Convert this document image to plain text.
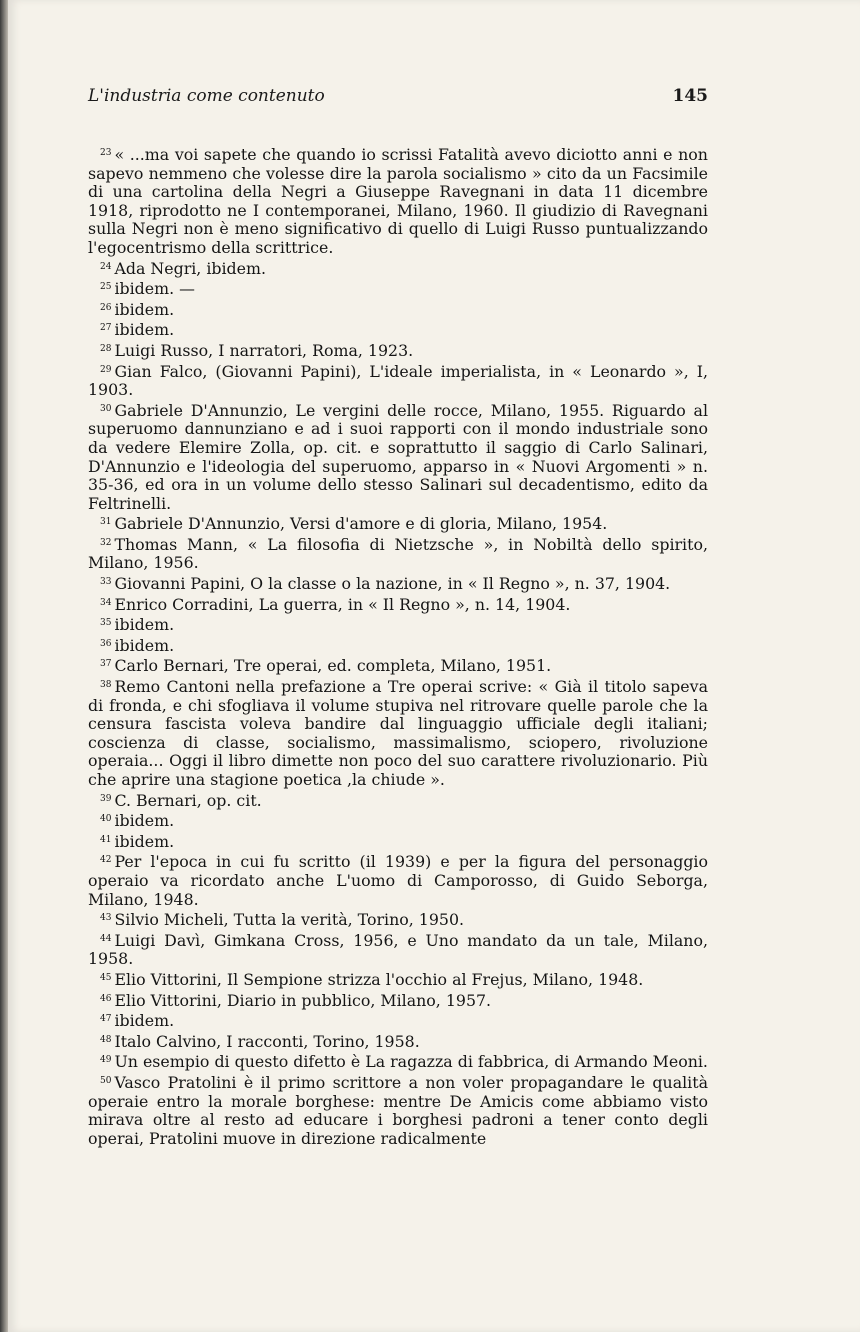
L'industria come contenuto	145

$^{23}$ « ...ma voi sapete che quando io scrissi Fatalità avevo diciotto anni e non sapevo nemmeno che volesse dire la parola socialismo » cito da un Facsimile di una cartolina della Negri a Giuseppe Ravegnani in data 11 dicembre 1918, riprodotto ne I contemporanei, Milano, 1960. Il giudizio di Ravegnani sulla Negri non è meno significativo di quello di Luigi Russo puntualizzando l'egocentrismo della scrittrice.

$^{24}$ Ada Negri, ibidem.

$^{25}$ ibidem. —

$^{26}$ ibidem.

$^{27}$ ibidem.

$^{28}$ Luigi Russo, I narratori, Roma, 1923.

$^{29}$ Gian Falco, (Giovanni Papini), L'ideale imperialista, in « Leonardo », I, 1903.

$^{30}$ Gabriele D'Annunzio, Le vergini delle rocce, Milano, 1955. Riguardo al superuomo dannunziano e ad i suoi rapporti con il mondo industriale sono da vedere Elemire Zolla, op. cit. e soprattutto il saggio di Carlo Salinari, D'Annunzio e l'ideologia del superuomo, apparso in « Nuovi Argomenti » n. 35-36, ed ora in un volume dello stesso Salinari sul decadentismo, edito da Feltrinelli.

$^{31}$ Gabriele D'Annunzio, Versi d'amore e di gloria, Milano, 1954.

$^{32}$ Thomas Mann, « La filosofia di Nietzsche », in Nobiltà dello spirito, Milano, 1956.

$^{33}$ Giovanni Papini, O la classe o la nazione, in « Il Regno », n. 37, 1904.

$^{34}$ Enrico Corradini, La guerra, in « Il Regno », n. 14, 1904.

$^{35}$ ibidem.

$^{36}$ ibidem.

$^{37}$ Carlo Bernari, Tre operai, ed. completa, Milano, 1951.

$^{38}$ Remo Cantoni nella prefazione a Tre operai scrive: « Già il titolo sapeva di fronda, e chi sfogliava il volume stupiva nel ritrovare quelle parole che la censura fascista voleva bandire dal linguaggio ufficiale degli italiani; coscienza di classe, socialismo, massimalismo, sciopero, rivoluzione operaia... Oggi il libro dimette non poco del suo carattere rivoluzionario. Più che aprire una stagione poetica ,la chiude ».

$^{39}$ C. Bernari, op. cit.

$^{40}$ ibidem.

$^{41}$ ibidem.

$^{42}$ Per l'epoca in cui fu scritto (il 1939) e per la figura del personaggio operaio va ricordato anche L'uomo di Camporosso, di Guido Seborga, Milano, 1948.

$^{43}$ Silvio Micheli, Tutta la verità, Torino, 1950.

$^{44}$ Luigi Davì, Gimkana Cross, 1956, e Uno mandato da un tale, Milano, 1958.

$^{45}$ Elio Vittorini, Il Sempione strizza l'occhio al Frejus, Milano, 1948.

$^{46}$ Elio Vittorini, Diario in pubblico, Milano, 1957.

$^{47}$ ibidem.

$^{48}$ Italo Calvino, I racconti, Torino, 1958.

$^{49}$ Un esempio di questo difetto è La ragazza di fabbrica, di Armando Meoni.

$^{50}$ Vasco Pratolini è il primo scrittore a non voler propagandare le qualità operaie entro la morale borghese: mentre De Amicis come abbiamo visto mirava oltre al resto ad educare i borghesi padroni a tener conto degli operai, Pratolini muove in direzione radicalmente
